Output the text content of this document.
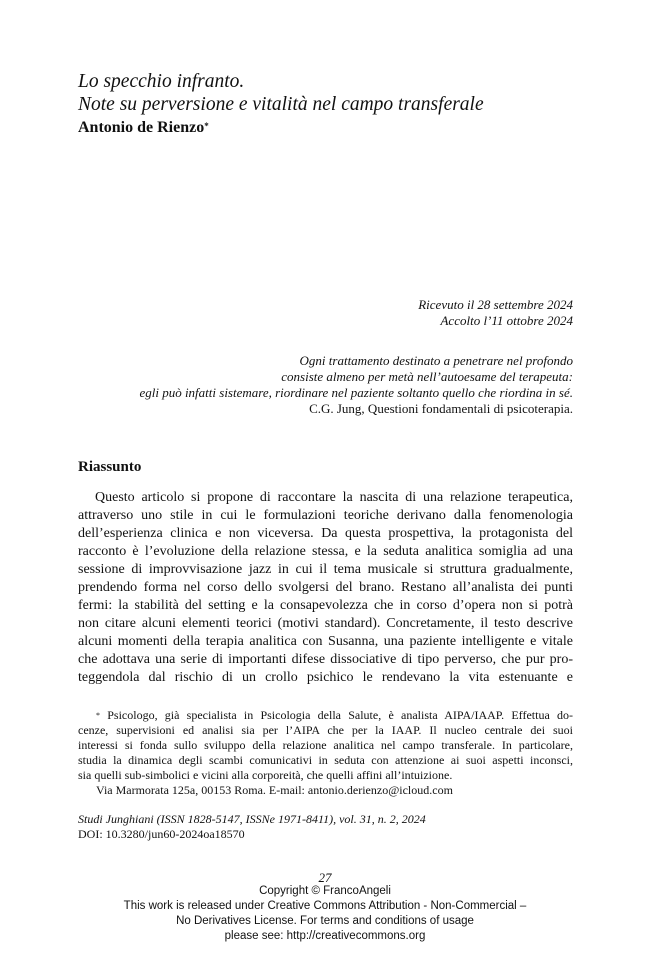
Lo specchio infranto.
Note su perversione e vitalità nel campo transferale
Antonio de Rienzo*
Ricevuto il 28 settembre 2024
Accolto l’11 ottobre 2024
Ogni trattamento destinato a penetrare nel profondo
consiste almeno per metà nell’autoesame del terapeuta:
egli può infatti sistemare, riordinare nel paziente soltanto quello che riordina in sé.
C.G. Jung, Questioni fondamentali di psicoterapia.
Riassunto
Questo articolo si propone di raccontare la nascita di una relazione terapeutica,
attraverso uno stile in cui le formulazioni teoriche derivano dalla fenomenologia
dell’esperienza clinica e non viceversa. Da questa prospettiva, la protagonista del
racconto è l’evoluzione della relazione stessa, e la seduta analitica somiglia ad una
sessione di improvvisazione jazz in cui il tema musicale si struttura gradualmente,
prendendo forma nel corso dello svolgersi del brano. Restano all’analista dei punti
fermi: la stabilità del setting e la consapevolezza che in corso d’opera non si potrà
non citare alcuni elementi teorici (motivi standard). Concretamente, il testo descrive
alcuni momenti della terapia analitica con Susanna, una paziente intelligente e vitale
che adottava una serie di importanti difese dissociative di tipo perverso, che pur pro-
teggendola dal rischio di un crollo psichico le rendevano la vita estenuante e
* Psicologo, già specialista in Psicologia della Salute, è analista AIPA/IAAP. Effettua do-
cenze, supervisioni ed analisi sia per l’AIPA che per la IAAP. Il nucleo centrale dei suoi
interessi si fonda sullo sviluppo della relazione analitica nel campo transferale. In particolare,
studia la dinamica degli scambi comunicativi in seduta con attenzione ai suoi aspetti inconsci,
sia quelli sub-simbolici e vicini alla corporeità, che quelli affini all’intuizione.
Via Marmorata 125a, 00153 Roma. E-mail: antonio.derienzo@icloud.com
Studi Junghiani (ISSN 1828-5147, ISSNe 1971-8411), vol. 31, n. 2, 2024
DOI: 10.3280/jun60-2024oa18570
27
Copyright © FrancoAngeli
This work is released under Creative Commons Attribution - Non-Commercial –
No Derivatives License. For terms and conditions of usage
please see: http://creativecommons.org
